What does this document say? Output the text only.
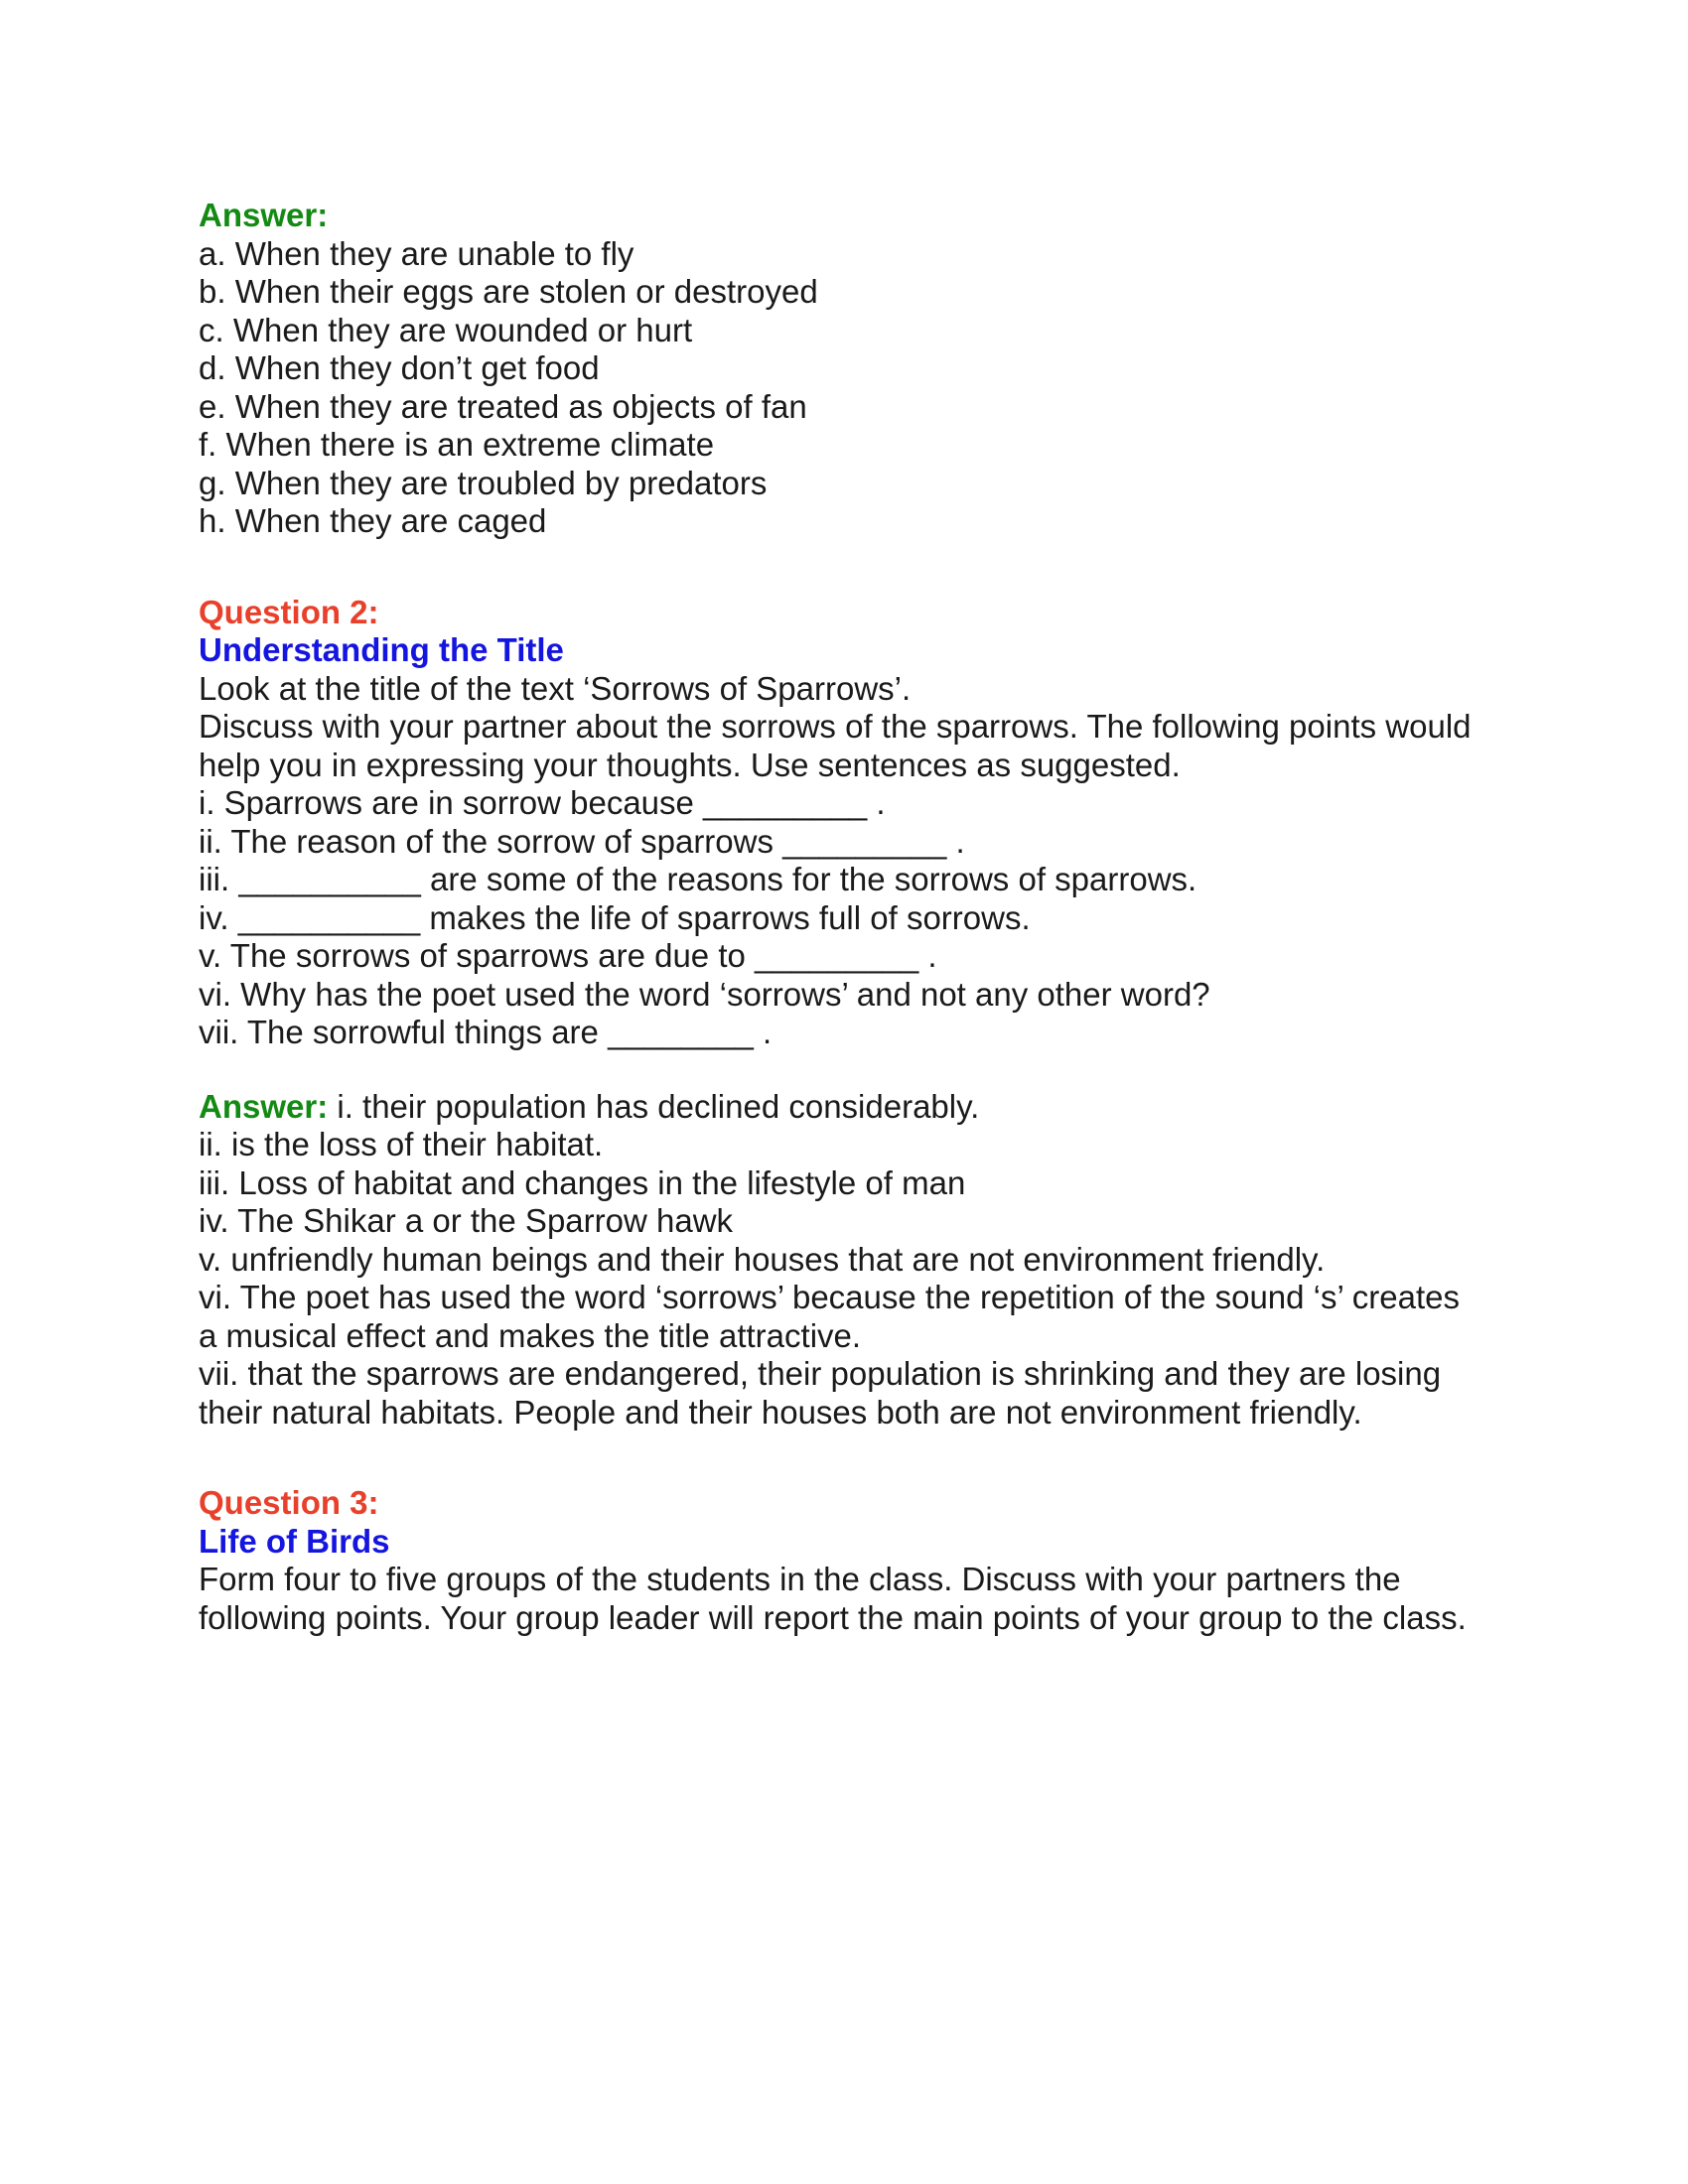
Answer:

a. When they are unable to fly

b. When their eggs are stolen or destroyed

c. When they are wounded or hurt

d. When they don’t get food

e. When they are treated as objects of fan

f. When there is an extreme climate

g. When they are troubled by predators

h. When they are caged

Question 2:

Understanding the Title

Look at the title of the text ‘Sorrows of Sparrows’.

Discuss with your partner about the sorrows of the sparrows. The following points would

help you in expressing your thoughts. Use sentences as suggested.

i. Sparrows are in sorrow because _________ .

ii. The reason of the sorrow of sparrows _________ .

iii. __________ are some of the reasons for the sorrows of sparrows.

iv. __________ makes the life of sparrows full of sorrows.

v. The sorrows of sparrows are due to _________ .

vi. Why has the poet used the word ‘sorrows’ and not any other word?

vii. The sorrowful things are ________ .

Answer: i. their population has declined considerably.

ii. is the loss of their habitat.

iii. Loss of habitat and changes in the lifestyle of man

iv. The Shikar a or the Sparrow hawk

v. unfriendly human beings and their houses that are not environment friendly.

vi. The poet has used the word ‘sorrows’ because the repetition of the sound ‘s’ creates

a musical effect and makes the title attractive.

vii. that the sparrows are endangered, their population is shrinking and they are losing

their natural habitats. People and their houses both are not environment friendly.

Question 3:

Life of Birds

Form four to five groups of the students in the class. Discuss with your partners the

following points. Your group leader will report the main points of your group to the class.
